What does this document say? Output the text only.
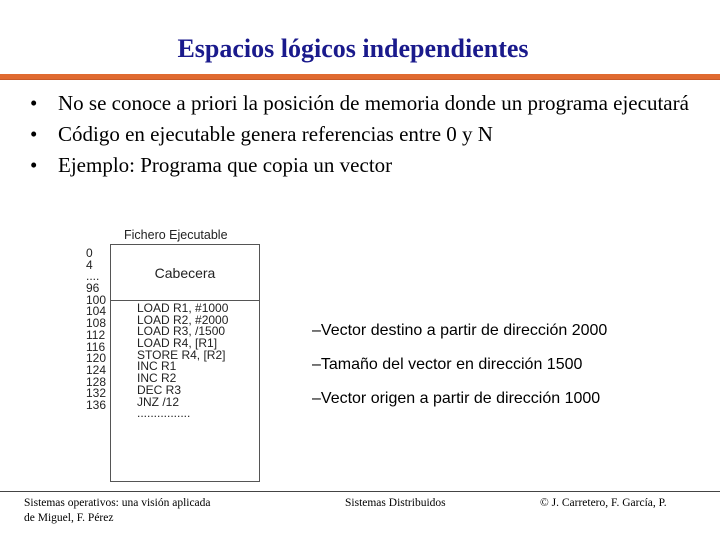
Espacios lógicos independientes
• No se conoce a priori la posición de memoria donde un programa ejecutará
• Código en ejecutable genera referencias entre 0 y N
• Ejemplo: Programa que copia un vector
Fichero Ejecutable
0
4
....
96
100
104
108
112
116
120
124
128
132
136
Cabecera
LOAD R1, #1000
LOAD R2, #2000
LOAD R3, /1500
LOAD R4, [R1]
STORE R4, [R2]
INC R1
INC R2
DEC R3
JNZ /12
................
–Vector destino a partir de dirección 2000
–Tamaño del vector en dirección 1500
–Vector origen a partir de dirección 1000
Sistemas operativos: una visión aplicada
de Miguel, F. Pérez
Sistemas Distribuidos	© J. Carretero, F. García, P.
